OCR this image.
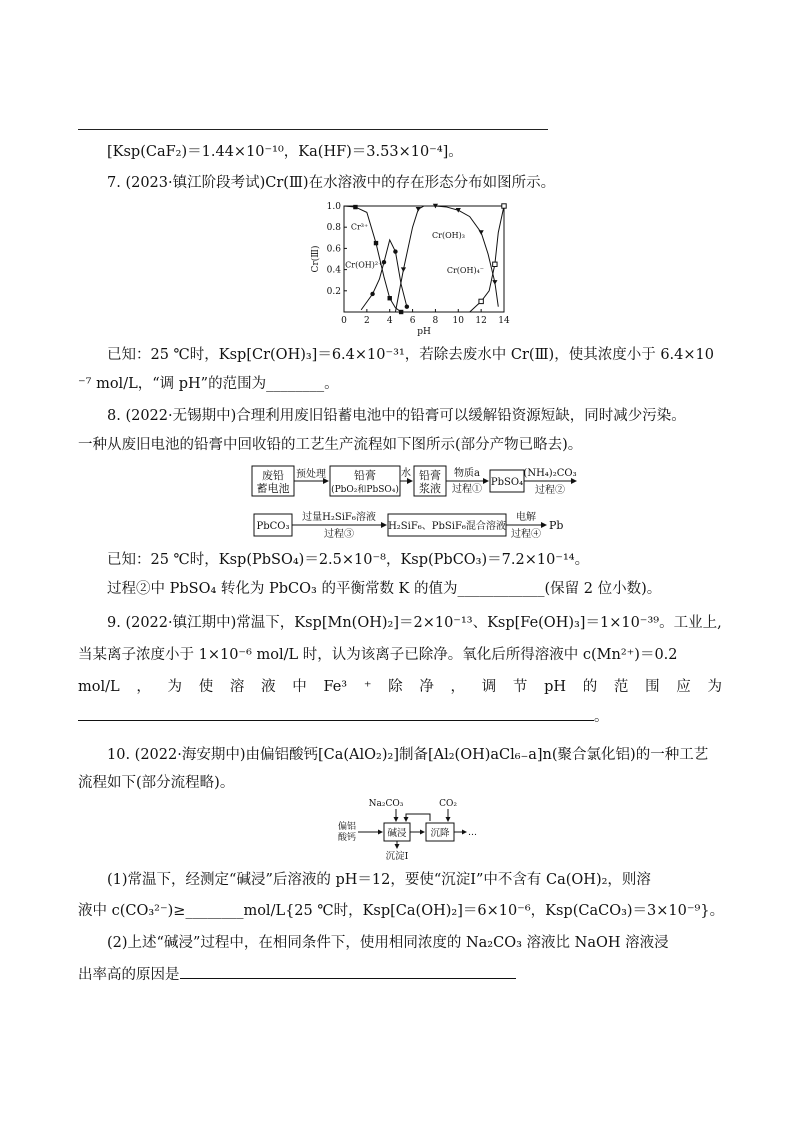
[Ksp(CaF₂)＝1.44×10⁻¹⁰，Ka(HF)＝3.53×10⁻⁴]。
7. (2023·镇江阶段考试)Cr(Ⅲ)在水溶液中的存在形态分布如图所示。
0 2 4 6 8 10 12 14
0.2
0.4
0.6
0.8
1.0
pH
Cr(Ⅲ)
Cr³⁺
Cr(OH)²⁺
Cr(OH)₃
Cr(OH)₄⁻
已知：25 ℃时，Ksp[Cr(OH)₃]＝6.4×10⁻³¹，若除去废水中 Cr(Ⅲ)，使其浓度小于 6.4×10
⁻⁷ mol/L，“调 pH”的范围为________。
8. (2022·无锡期中)合理利用废旧铅蓄电池中的铅膏可以缓解铅资源短缺，同时减少污染。
一种从废旧电池的铅膏中回收铅的工艺生产流程如下图所示(部分产物已略去)。
废铅
蓄电池
预处理	铅膏
(PbO₂和PbSO₄)
水 铅膏
浆液
物质a
过程①
PbSO₄
(NH₄)₂CO₃
过程②
PbCO₃
过量H₂SiF₆溶液
过程③
H₂SiF₆、PbSiF₆混合溶液
电解
过程④
Pb
已知：25 ℃时，Ksp(PbSO₄)＝2.5×10⁻⁸，Ksp(PbCO₃)＝7.2×10⁻¹⁴。
过程②中 PbSO₄ 转化为 PbCO₃ 的平衡常数 K 的值为____________(保留 2 位小数)。
9. (2022·镇江期中)常温下，Ksp[Mn(OH)₂]＝2×10⁻¹³、Ksp[Fe(OH)₃]＝1×10⁻³⁹。工业上,
当某离子浓度小于 1×10⁻⁶ mol/L 时，认为该离子已除净。氧化后所得溶液中 c(Mn²⁺)＝0.2
mol/L ， 为 使 溶 液 中 Fe³ ⁺ 除 净 ， 调 节 pH 的 范 围 应 为
。
10. (2022·海安期中)由偏铝酸钙[Ca(AlO₂)₂]制备[Al₂(OH)aCl₆₋a]n(聚合氯化铝)的一种工艺
流程如下(部分流程略)。
Na₂CO₃	CO₂
偏铝
酸钙	碱浸	沉降 …
沉淀Ⅰ
(1)常温下，经测定“碱浸”后溶液的 pH＝12，要使“沉淀Ⅰ”中不含有 Ca(OH)₂，则溶
液中 c(CO₃²⁻)≥________mol/L{25 ℃时，Ksp[Ca(OH)₂]＝6×10⁻⁶，Ksp(CaCO₃)＝3×10⁻⁹}。
(2)上述“碱浸”过程中，在相同条件下，使用相同浓度的 Na₂CO₃ 溶液比 NaOH 溶液浸
出率高的原因是
